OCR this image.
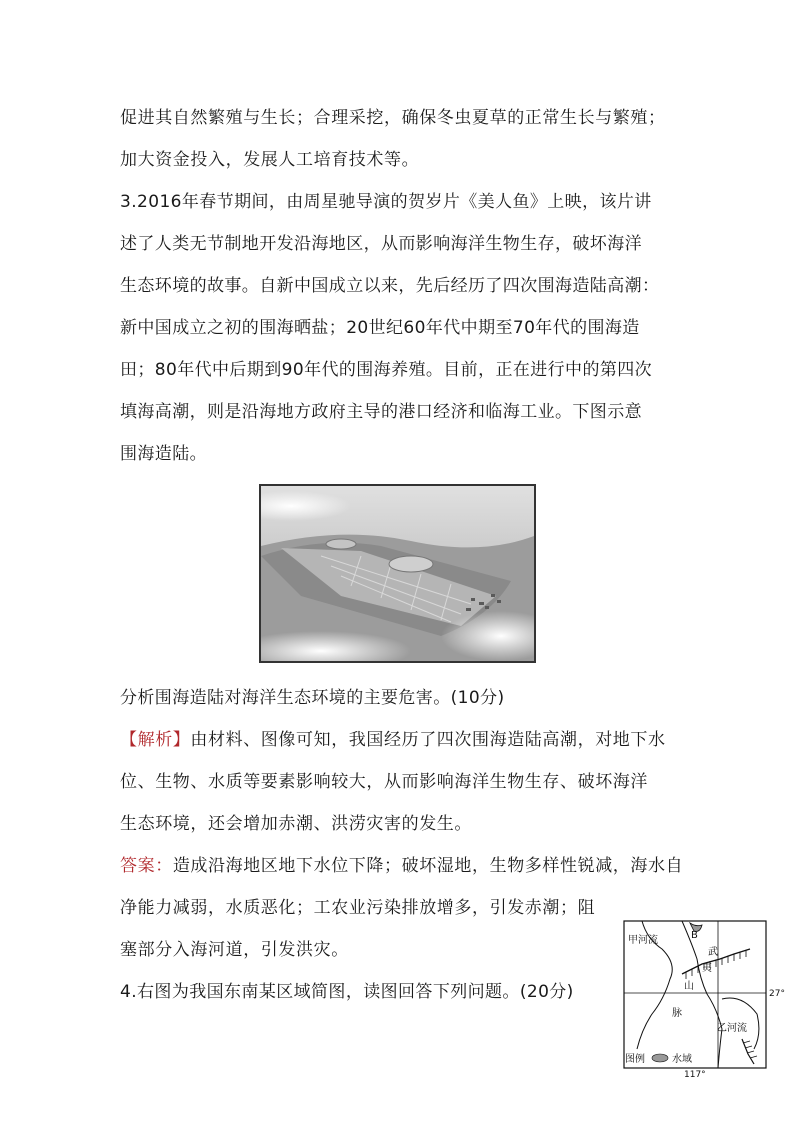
促进其自然繁殖与生长；合理采挖，确保冬虫夏草的正常生长与繁殖；
加大资金投入，发展人工培育技术等。
3.2016年春节期间，由周星驰导演的贺岁片《美人鱼》上映，该片讲
述了人类无节制地开发沿海地区，从而影响海洋生物生存，破坏海洋
生态环境的故事。自新中国成立以来，先后经历了四次围海造陆高潮：
新中国成立之初的围海晒盐；20世纪60年代中期至70年代的围海造
田；80年代中后期到90年代的围海养殖。目前，正在进行中的第四次
填海高潮，则是沿海地方政府主导的港口经济和临海工业。下图示意
围海造陆。
分析围海造陆对海洋生态环境的主要危害。(10分)
【解析】由材料、图像可知，我国经历了四次围海造陆高潮，对地下水
位、生物、水质等要素影响较大，从而影响海洋生物生存、破坏海洋
生态环境，还会增加赤潮、洪涝灾害的发生。
答案：造成沿海地区地下水位下降；破坏湿地，生物多样性锐减，海水自
净能力减弱，水质恶化；工农业污染排放增多，引发赤潮；阻
塞部分入海河道，引发洪灾。
4.右图为我国东南某区域简图，读图回答下列问题。(20分)
甲河流	B
武
夷
山
脉
乙河流
图例	水域
117°
27°
